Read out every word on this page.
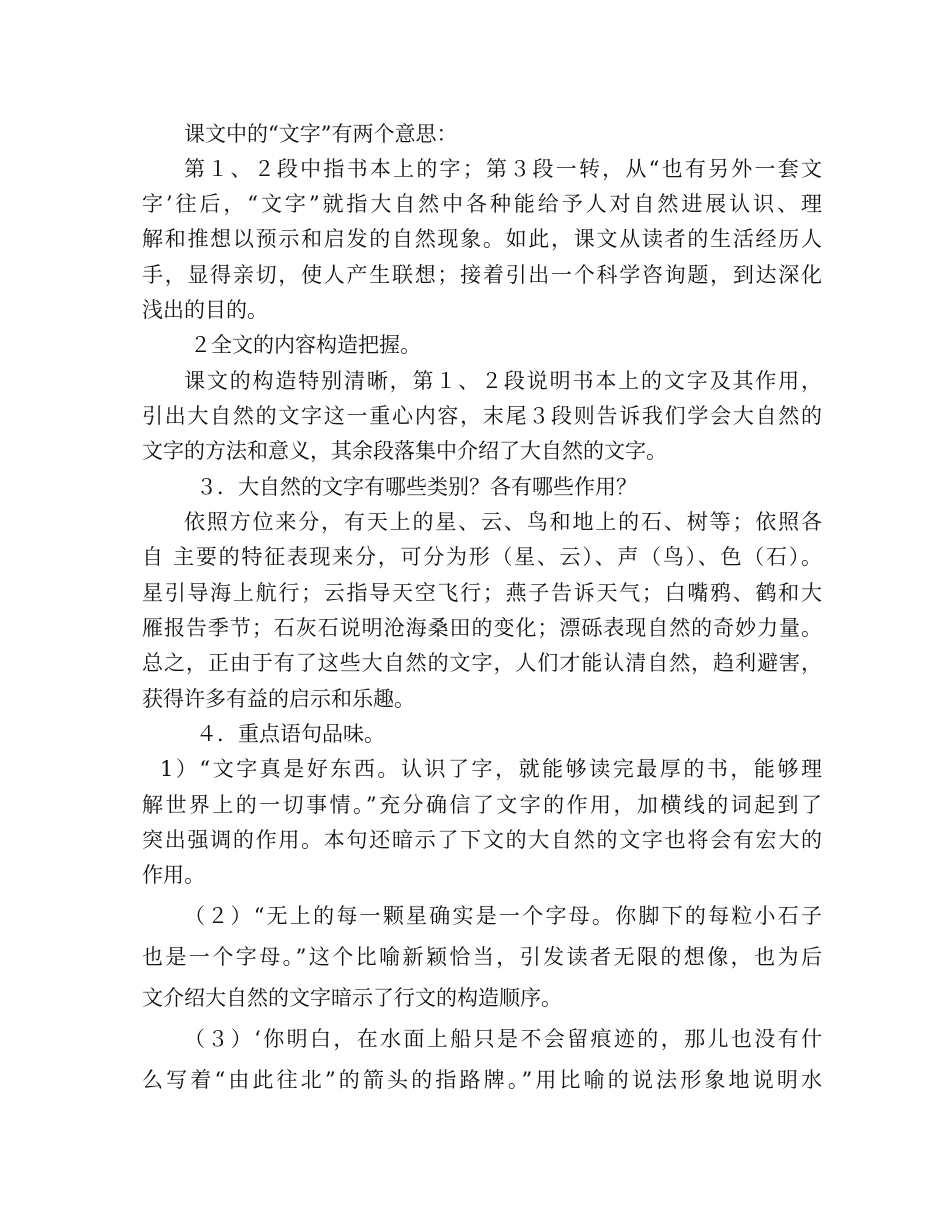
课文中的“文字”有两个意思：
第１、２段中指书本上的字；第３段一转，从“也有另外一套文
字’往后，“文字”就指大自然中各种能给予人对自然进展认识、理
解和推想以预示和启发的自然现象。如此，课文从读者的生活经历人
手，显得亲切，使人产生联想；接着引出一个科学咨询题，到达深化
浅出的目的。
２全文的内容构造把握。
课文的构造特别清晰，第１、２段说明书本上的文字及其作用，
引出大自然的文字这一重心内容，末尾３段则告诉我们学会大自然的
文字的方法和意义，其余段落集中介绍了大自然的文字。
３．大自然的文字有哪些类别？各有哪些作用？
依照方位来分，有天上的星、云、鸟和地上的石、树等；依照各
自 主要的特征表现来分，可分为形（星、云）、声（鸟）、色（石）。
星引导海上航行；云指导天空飞行；燕子告诉天气；白嘴鸦、鹤和大
雁报告季节；石灰石说明沧海桑田的变化；漂砾表现自然的奇妙力量。
总之，正由于有了这些大自然的文字，人们才能认清自然，趋利避害，
获得许多有益的启示和乐趣。
４．重点语句品味。
1）“文字真是好东西。认识了字，就能够读完最厚的书，能够理
解世界上的一切事情。”充分确信了文字的作用，加横线的词起到了
突出强调的作用。本句还暗示了下文的大自然的文字也将会有宏大的
作用。
（２）“无上的每一颗星确实是一个字母。你脚下的每粒小石子
也是一个字母。”这个比喻新颖恰当，引发读者无限的想像，也为后
文介绍大自然的文字暗示了行文的构造顺序。
（３）‘你明白，在水面上船只是不会留痕迹的，那儿也没有什
么写着“由此往北”的箭头的指路牌。”用比喻的说法形象地说明水
